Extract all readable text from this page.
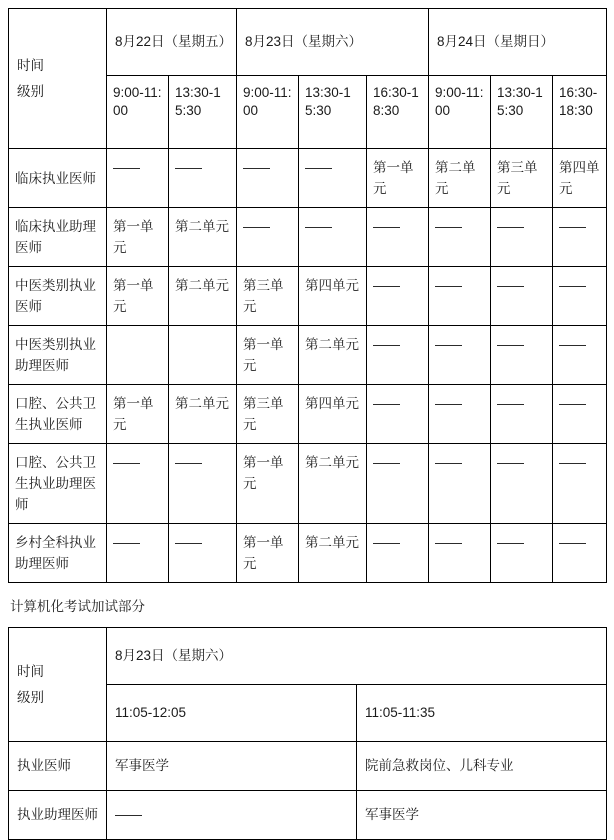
时间
级别	8月22日（星期五）		8月23日（星期六）			8月24日（星期日）		
	9:00-11:00	13:30-15:30	9:00-11:00	13:30-15:30	16:30-18:30	9:00-11:00	13:30-15:30	16:30-18:30
临床执业医师	——	——	——	——	第一单元	第二单元	第三单元	第四单元
临床执业助理医师	第一单元	第二单元	——	——	——	——	——	——
中医类别执业医师	第一单元	第二单元	第三单元	第四单元	——	——	——	——
中医类别执业助理医师			第一单元	第二单元	——	——	——	——
口腔、公共卫生执业医师	第一单元	第二单元	第三单元	第四单元	——	——	——	——
口腔、公共卫生执业助理医师	——	——	第一单元	第二单元	——	——	——	——
乡村全科执业助理医师	——	——	第一单元	第二单元	——	——	——	——
计算机化考试加试部分
时间
级别	8月23日（星期六）	
	11:05-12:05	11:05-11:35
执业医师	军事医学	院前急救岗位、儿科专业
执业助理医师	——	军事医学
